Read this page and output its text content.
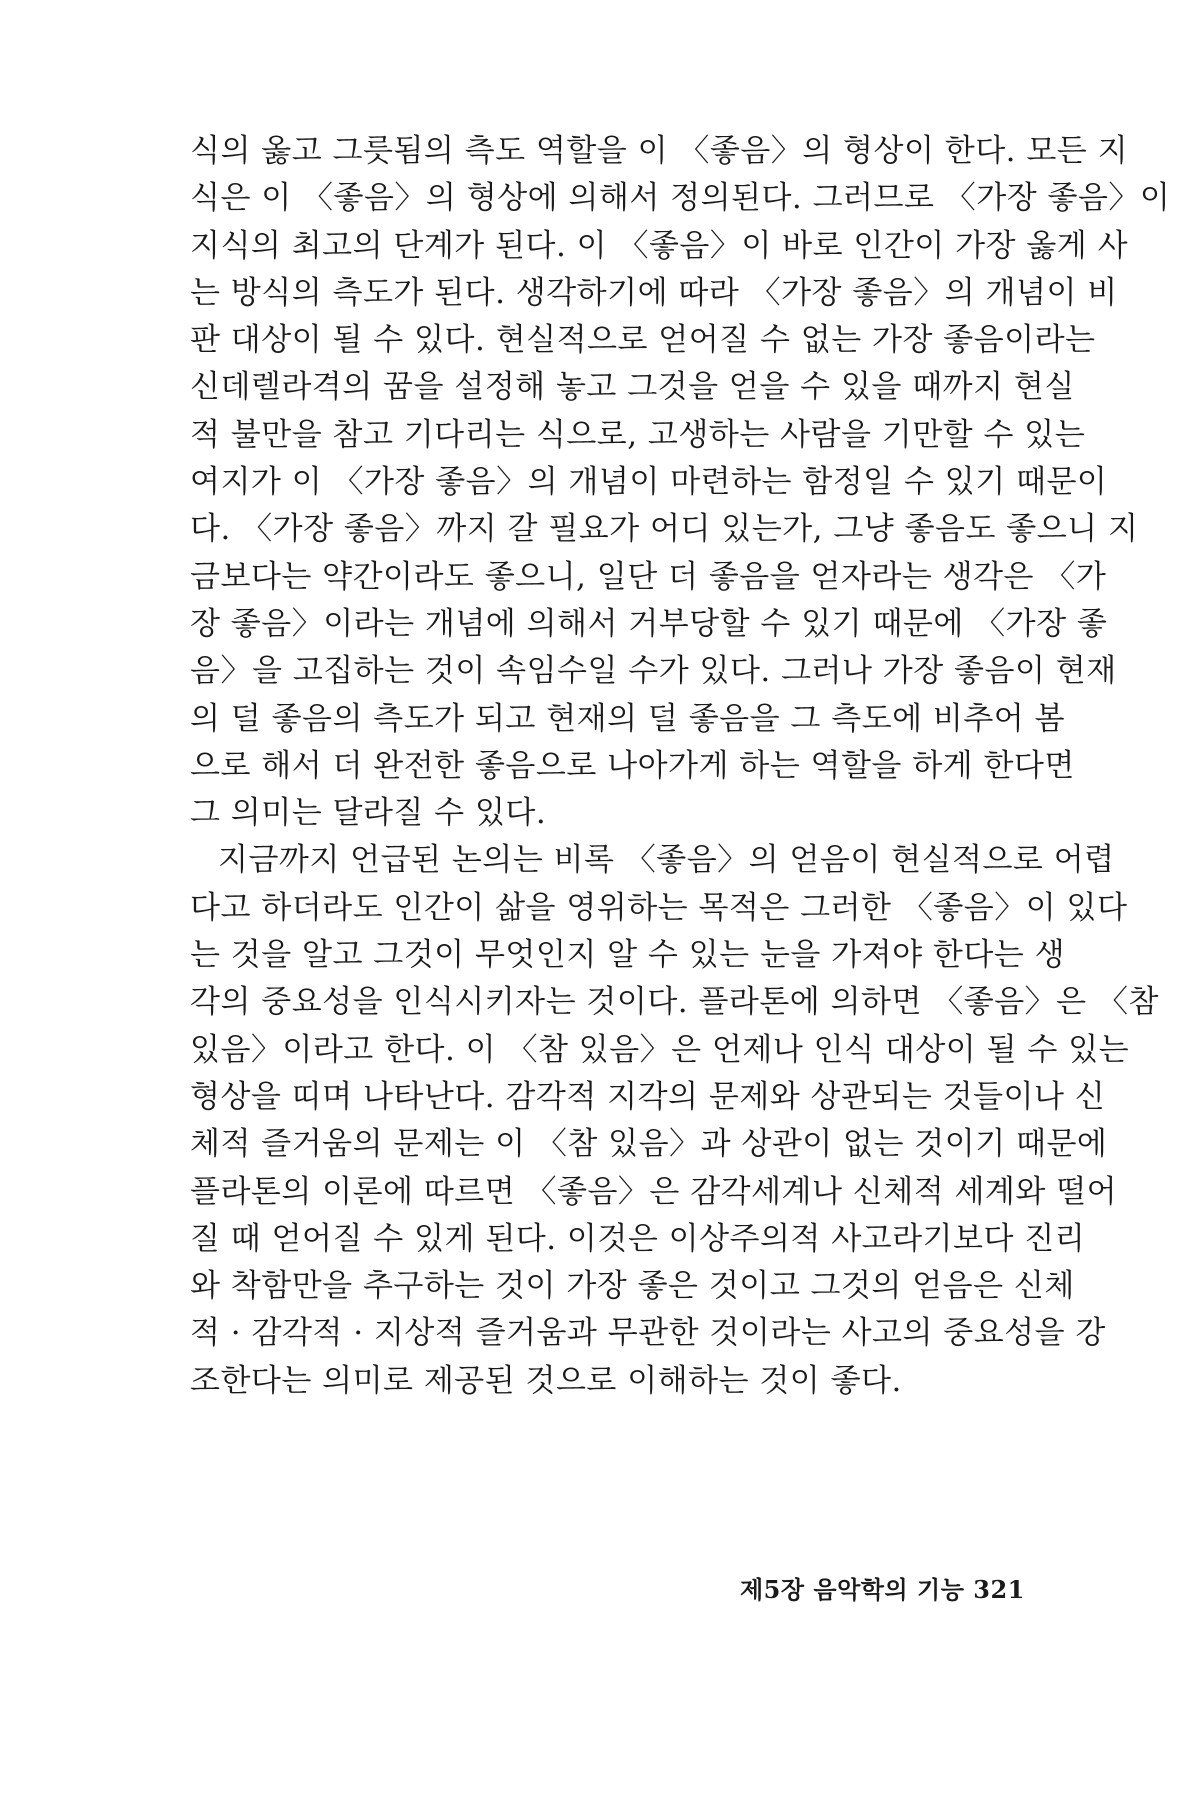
식의 옳고 그릇됨의 측도 역할을 이 〈좋음〉의 형상이 한다. 모든 지
식은 이 〈좋음〉의 형상에 의해서 정의된다. 그러므로 〈가장 좋음〉이
지식의 최고의 단계가 된다. 이 〈좋음〉이 바로 인간이 가장 옳게 사
는 방식의 측도가 된다. 생각하기에 따라 〈가장 좋음〉의 개념이 비
판 대상이 될 수 있다. 현실적으로 얻어질 수 없는 가장 좋음이라는
신데렐라격의 꿈을 설정해 놓고 그것을 얻을 수 있을 때까지 현실
적 불만을 참고 기다리는 식으로, 고생하는 사람을 기만할 수 있는
여지가 이 〈가장 좋음〉의 개념이 마련하는 함정일 수 있기 때문이
다. 〈가장 좋음〉까지 갈 필요가 어디 있는가, 그냥 좋음도 좋으니 지
금보다는 약간이라도 좋으니, 일단 더 좋음을 얻자라는 생각은 〈가
장 좋음〉이라는 개념에 의해서 거부당할 수 있기 때문에 〈가장 좋
음〉을 고집하는 것이 속임수일 수가 있다. 그러나 가장 좋음이 현재
의 덜 좋음의 측도가 되고 현재의 덜 좋음을 그 측도에 비추어 봄
으로 해서 더 완전한 좋음으로 나아가게 하는 역할을 하게 한다면
그 의미는 달라질 수 있다.
지금까지 언급된 논의는 비록 〈좋음〉의 얻음이 현실적으로 어렵
다고 하더라도 인간이 삶을 영위하는 목적은 그러한 〈좋음〉이 있다
는 것을 알고 그것이 무엇인지 알 수 있는 눈을 가져야 한다는 생
각의 중요성을 인식시키자는 것이다. 플라톤에 의하면 〈좋음〉은 〈참
있음〉이라고 한다. 이 〈참 있음〉은 언제나 인식 대상이 될 수 있는
형상을 띠며 나타난다. 감각적 지각의 문제와 상관되는 것들이나 신
체적 즐거움의 문제는 이 〈참 있음〉과 상관이 없는 것이기 때문에
플라톤의 이론에 따르면 〈좋음〉은 감각세계나 신체적 세계와 떨어
질 때 얻어질 수 있게 된다. 이것은 이상주의적 사고라기보다 진리
와 착함만을 추구하는 것이 가장 좋은 것이고 그것의 얻음은 신체
적 · 감각적 · 지상적 즐거움과 무관한 것이라는 사고의 중요성을 강
조한다는 의미로 제공된 것으로 이해하는 것이 좋다.
제5장 음악학의 기능 321
